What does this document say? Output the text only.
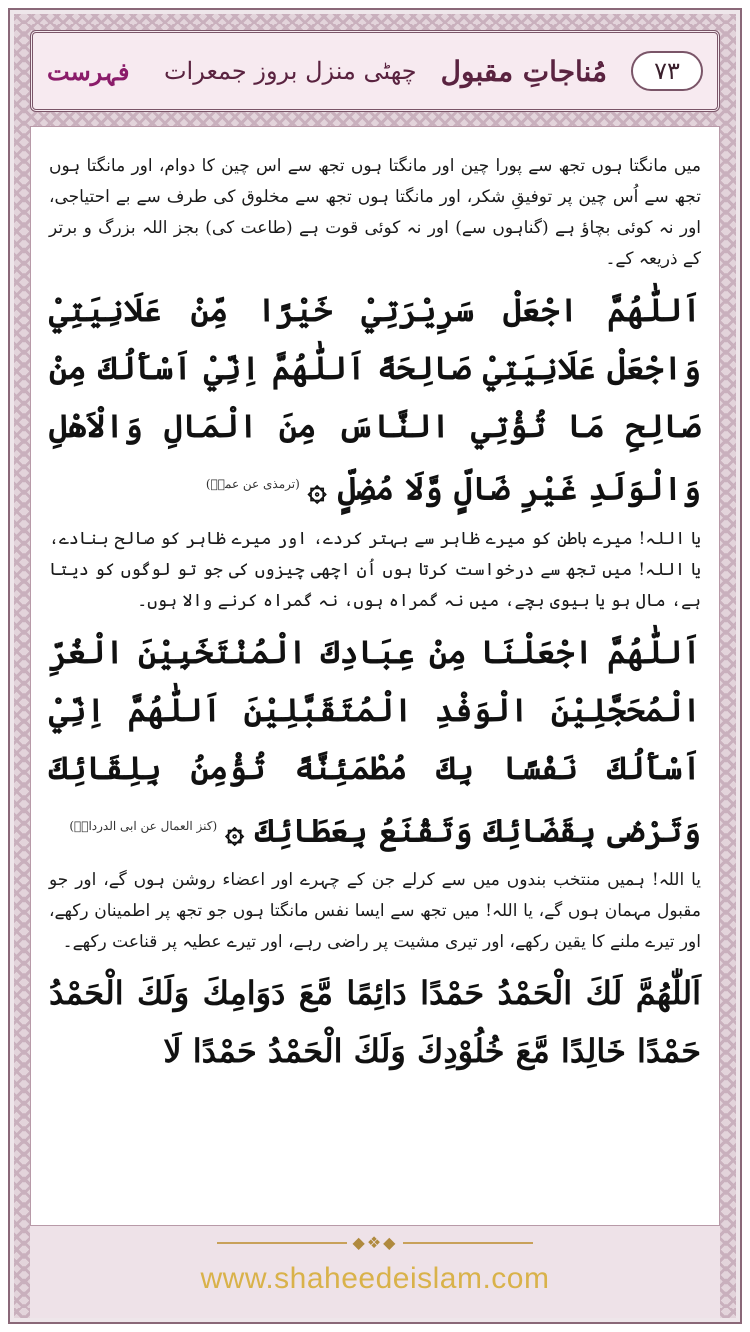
٧٣
مُناجاتِ مقبول
چھٹی منزل بروز جمعرات
فہرست

میں مانگتا ہوں تجھ سے پورا چین اور مانگتا ہوں تجھ سے اس چین کا دوام، اور مانگتا ہوں تجھ سے اُس چین پر توفیقِ شکر، اور مانگتا ہوں تجھ سے مخلوق کی طرف سے بے احتیاجی، اور نہ کوئی بچاؤ ہے (گناہوں سے) اور نہ کوئی قوت ہے (طاعت کی) بجز اللہ بزرگ و برتر کے ذریعہ کے۔

اَللّٰهُمَّ اجْعَلْ سَرِيْرَتِيْ خَيْرًا مِّنْ عَلَانِيَتِيْ وَاجْعَلْ عَلَانِيَتِيْ صَالِحَةً اَللّٰهُمَّ اِنِّيْ اَسْأَلُكَ مِنْ صَالِحِ مَا تُؤْتِي النَّاسَ مِنَ الْمَالِ وَالْاَهْلِ وَالْوَلَدِ غَيْرِ ضَالٍّ وَّلَا مُضِلٍّ ۞$^{(ترمذی عن عمرؓ)}$

یا اللہ! میرے باطن کو میرے ظاہر سے بہتر کردے، اور میرے ظاہر کو صالح بنادے، یا اللہ! میں تجھ سے درخواست کرتا ہوں اُن اچھی چیزوں کی جو تو لوگوں کو دیتا ہے، مال ہو یا بیوی بچے، میں نہ گمراہ ہوں، نہ گمراہ کرنے والا ہوں۔

اَللّٰهُمَّ اجْعَلْنَا مِنْ عِبَادِكَ الْمُنْتَخَبِيْنَ الْغُرِّ الْمُحَجَّلِيْنَ الْوَفْدِ الْمُتَقَبَّلِيْنَ اَللّٰهُمَّ اِنِّيْ اَسْأَلُكَ نَفْسًا بِكَ مُطْمَئِنَّةً تُؤْمِنُ بِلِقَائِكَ وَتَرْضٰى بِقَضَائِكَ وَتَقْنَعُ بِعَطَائِكَ ۞$^{(کنز العمال عن ابی الدرداءؓ)}$

یا اللہ! ہمیں منتخب بندوں میں سے کرلے جن کے چہرے اور اعضاء روشن ہوں گے، اور جو مقبول مہمان ہوں گے، یا اللہ! میں تجھ سے ایسا نفس مانگتا ہوں جو تجھ پر اطمینان رکھے، اور تیرے ملنے کا یقین رکھے، اور تیری مشیت پر راضی رہے، اور تیرے عطیہ پر قناعت رکھے۔

اَللّٰهُمَّ لَكَ الْحَمْدُ حَمْدًا دَائِمًا مَّعَ دَوَامِكَ وَلَكَ الْحَمْدُ حَمْدًا خَالِدًا مَّعَ خُلُوْدِكَ وَلَكَ الْحَمْدُ حَمْدًا لَا

◆❖◆
www.shaheedeislam.com
